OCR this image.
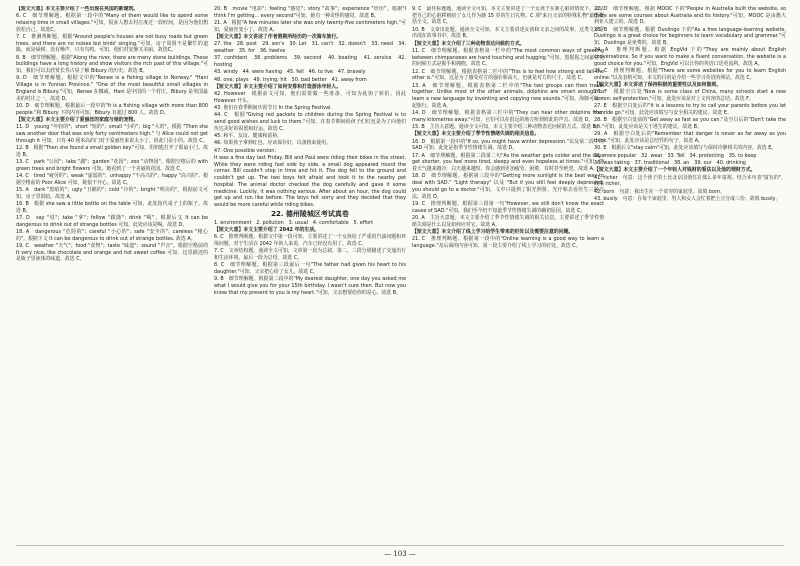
【短文大意】本文主要介绍了一些出现在英国的新建筑。

6. C　细节理解题。根据第一段中的"Many of them would like to spend some relaxing time in small villages."可知，很多人想去村庄度过一段时间，是因为他们想放松自己。故选C。

7. C　推测判断题。根据"Around people's houses are not busy roads but green trees, and there are no noises but birds' singing."可知，房子周围不是繁忙的道路，而是绿树，没有噪声，只有鸟鸣。可知，他们对安静又美丽。故选C。

8. B　细节理解题。根据"Along the river, there are many stone buildings. These buildings have a long history and show visitors the rich past of this village."可知，我们可以去欣赏长寿古屋了解 Bibury 的历史。故选 B。

9. D　细节理解题。根据文中的"Renee is a fishing village in Norway." "Hani Village is in Yunnan Province." "One of the most beautiful small villages in England is Bibury."可知，Renee 在挪威，Hani 是中国的一个村庄。Bibury 是英国最美的村庄之一。故选 D。

10. D　细节理解题。根据最后一段中的"It is a fishing village with more than 800 people."和 Bibury 下的内容可知，Bibury 有超过 800 人。故选 D。

【短文大意】本文主要介绍了爱丽丝的家庭与她的宠物。

11. D　young "年轻的"；short "短的"；small "小的"；big "大的"。根据 "Then she saw another door that was only forty centimeters high." 与 Alice could not get through it 可知，只有 40 厘米高的门对于爱丽丝来说太小了，因此门是小的。故选 C。

12. B　根据"Then she found a small golden key."可知，用钥匙打开了那扇小门。故选 B。

13. C　park "公园"；lake "湖"；garden "花园"；zoo "动物园"。根据空格后的 with green trees and bright flowers 可知，她看到了一个美丽的花园。故选 C。

14. C　tired "疲劳的"；weak "虚弱的"；unhappy "不高兴的"；happy "高兴的"。根据空格前的 Poor Alice 可知，她很不开心。故选 C。

15. A　dark "黑暗的"；ugly "丑陋的"；cold "冷的"；bright "明亮的"。根据前文可知，房子里很暗。故选 A。

16. B　根据 she saw a little bottle on the table 可知，此处指代桌子上的瓶子。故选 B。

17. D　say "说"；take "拿"；follow "跟随"；drink "喝"。根据后文 It can be dangerous to drink out of strange bottles 可知，此处应该是喝。故选 D。

18. A　dangerous "危险的"；careful "小心的"；safe "安全的"；careless "粗心的"。根据下文 It can be dangerous to drink out of strange bottles. 故选 A。

19. C　weather "天气"；food "食物"；taste "味道"；sound "声音"。根据空格前的 It very nice, like chocolate and orange and hot sweet coffee 可知，这里描述的是瓶子里液体的味道。故选 C。

20. B　movie "电影"；feeling "感觉"；story "故事"；experience "经历"。根据"I think I'm getting... every second"可知，她有一种奇怪的感觉。故选 B。

21. A　根据"A few minutes later she was only twenty-five centimeters high."可知，爱丽丝变小了。故选 A。

【短文大意】本文讲述了作者假期所经历的一次骑车旅行。

27. the　28. post　29. son's　30. Let　31. can't　32. doesn't　33. need　34. weather　35. for　36. twelve

37. confident　38. problems　39. second　40. boating　41. service　42. hosting

43. windy　44. were having　45. fell　46. to live　47. bravely

48. one; plays　49. trying; hit　50. bad better　41. away from

【短文大意】本文主要介绍了如何安排和打造游泳年轻人。

42. However　根据前文可知，他们需要做一些准备，可知为此加了转折。因此 However 开头。

43. 他们在春季期间庆祝节日 In the Spring Festival.

44. C　根据"Giving red packets to children during the Spring Festival is to send good wishes and luck to them."可知，在春节期间给孩子们红包是为了向他们传达美好的祝愿和好运。故选 C。

45. 和平、友谊、健康和富裕。

46. 如果孩子拿到红包，应该保存好，以备将来使用。

47. One possible version：

It was a fine day last Friday. Bill and Paul were riding their bikes in the street. While they were riding fast side by side, a small dog appeared round the corner. Bill couldn't stop in time and hit it. The dog fell to the ground and couldn't get up. The two boys felt afraid and took it to the nearby pet hospital. The animal doctor checked the dog carefully and gave it some medicine. Luckily, it was nothing serious. After about an hour, the dog could get up and run like before. The boys felt sorry and they decided that they would be more careful while riding bikes.

22. 德州陵城区考试真卷

1. environment　2. pollution　3. usual　4. comfortable　5. effort

【短文大意】本文主要介绍了 2042 年的生活。

6. C　推理判断题。根据文中第一段可知，主要讲述了一个女孩给了严重的汽油问题和环境问题，对于生活在 2042 年的人来说，汽车已经没有用了。故选 C。

7. C　文章结构题。通读全文可知，文章第一段为总叙，第二、三段分别描述了交通出行和生活环境，最后一段为总结。故选 C。

8. C　细节理解题。根据第三段最后一句"The father had given his heart to his daughter."可知，父亲把心给了女儿。故选 C。

9. B　细节理解题。根据第三段中的"My dearest daughter, one day you asked me what I would give you for your 15th birthday. I wasn't sure then. But now you know that my present to you is my heart."可知，父亲想要给你的是心。故选 B。

9. C　最佳标题题。通读全文可知，本文主要讲述了一个女孩子在新心脏的情况下，父亲把自己的心脏移植给了女儿作为她 15 岁的生日礼物。C 项"来自父亲的特殊礼物"最能概括全文。故选 C。

10. B　文章出处题。通读全文可知，本文主要讲述女孩和父亲之间的故事，这类文章常出现在故事书中。故选 B。

【短文大意】本文介绍了三种动物表达问候的方式。

11. C　细节理解题。根据表格第一栏中的"The most common ways of greeting between chimpanzees are hand touching and hugging."可知，黑猩猩之间最常见的问候方式是握手和拥抱。故选 C。

12. C　细节理解题。根据表格第二栏中的"This is to feel how strong and tall the other is."可知，这是为了感受对方的强壮和高大，也就是对方的尺寸。故选 C。

13. A　细节理解题。根据表格第二栏中的"The two groups can then travel together. Unlike most of the other animals, dolphins are smart enough to learn a new language by inventing and copying new sounds."可知，海豚可以一起旅行。故选 A。

14. D　细节理解题。根据表格第三栏中的"They can hear other dolphins from many kilometres away."可知，它们可以在很远的地方听到彼此的声音。故选 D。

15. B　主旨大意题。通读全文可知，本文主要介绍三种动物表达问候的方式。故选 B。

【短文大意】本文主要介绍了季节性情绪失调的相关信息。

16. D　根据第一段中的"If so, you might have winter depression."以及第二段中的 SAD 可知，此处是指季节性情绪失调。故选 D。

17. A　细节理解题。根据第二段第二句"As the weather gets colder and the days get shorter, you feel more tired, sleepy and even hopeless at times."可知，随着天气越来越冷，白天越来越短，你会感到更加疲劳、困倦，有时甚至绝望。故选 A。

18. D　细节理解题。根据第三段中的"Getting more sunlight is the best way to deal with SAD." "Light therapy" 以及 "But if you still feel deeply depressed, you should go to a doctor."可知，文中只提到了阳光照射、光疗和去看医生三种方法。故选 D。

19. C　推理判断题。根据第三段第一句"However, we still don't know the exact cause of SAD."可知，我们至今仍不知道季节性情绪失调的确切原因。故选 C。

20. A　主旨大意题。本文主要介绍了季节性情绪失调的相关信息。主要讲述了季节性情绪失调是什么以及如何应对它。故选 A。

【短文大意】本文介绍了线上学习给学生带来的好处以及需要注意的问题。

21. C　推理判断题。根据第一段中的"Online learning is a good way to learn a language."及后面的内容可知，第一段主要介绍了线上学习的好处。故选 C。

22. D　细节理解题。根据 MOOC 下的"People in Australia built the website, so there are some courses about Australia and its history."可知，MOOC 是由澳大利亚人建立的。故选 D。

23. B　细节理解题。根据 Duolingo 下的"As a free language-learning website, Duolingo is a great choice for beginners to learn vocabulary and grammar."可知，Duolingo 是免费的。故选 B。

24. A　推理判断题。根据 EngVid 下的"They are mainly about English conversations. So if you want to make a fluent conversation, the website is a good choice for you."可知，EngVid 可以让你的英语口语更流利。故选 A。

25. C　推理判断题。根据"There are some websites for you to learn English online."以及表格可知，本文的目的是介绍一些学习英语的网站。故选 C。

【短文大意】本文讲述了保持积极的重要性以及如何做到。

26. F　根据空白处"Now is some class of China, many schools start a new lesson: self-protection."可知，此处应该是对上文内容的总结。故选 F。

27. E　根据空白处后的"It is a lessons to try to call your parents before you let the ride go."可知，此处应该填写与安全相关的建议。故选 E。

28. B　根据空白处前的"Get away as fast as you can."及空白后的"Don't take the lift."可知，此处应该是关于逃生的建议。故选 B。

29. A　根据空白处后的"Remember that danger is never as far away as you think."可知，此处应该是总结性的句子。故选 A。

30. E　根据后文"stay calm"可知，此处应该填写与保持冷静相关的内容。故选 E。

31. more popular　32. wear　33. Tell　34. protecting　35. to keep

36. was taking　37. traditional　38. an　39. our　40. drinking

【短文大意】本文主要介绍了一个年轻人对钱财的看法以及他的理财方式。

41. richer　句意：这个孩子的土比北京国他住在那么多年富裕。结合本句表"富有的"，故填 richer。

42. born　句意：我出生在一个贫穷的家庭里。故填 born。

43. busily　句意：在每个家庭里，男人和女人会忙着把土豆分成三份。故填 busily。

— 103 —
